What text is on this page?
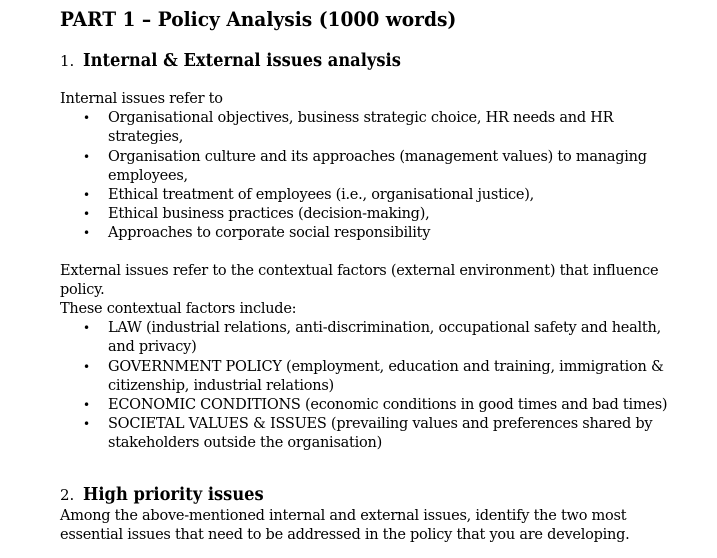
PART 1 – Policy Analysis (1000 words)
1. Internal & External issues analysis

Internal issues refer to

• Organisational objectives, business strategic choice, HR needs and HR
strategies,
• Organisation culture and its approaches (management values) to managing
employees,
• Ethical treatment of employees (i.e., organisational justice),
• Ethical business practices (decision-making),
• Approaches to corporate social responsibility

External issues refer to the contextual factors (external environment) that influence

policy.

These contextual factors include:

• LAW (industrial relations, anti-discrimination, occupational safety and health,
and privacy)
• GOVERNMENT POLICY (employment, education and training, immigration &
citizenship, industrial relations)
• ECONOMIC CONDITIONS (economic conditions in good times and bad times)
• SOCIETAL VALUES & ISSUES (prevailing values and preferences shared by
stakeholders outside the organisation)
2. High priority issues

Among the above-mentioned internal and external issues, identify the two most

essential issues that need to be addressed in the policy that you are developing.
